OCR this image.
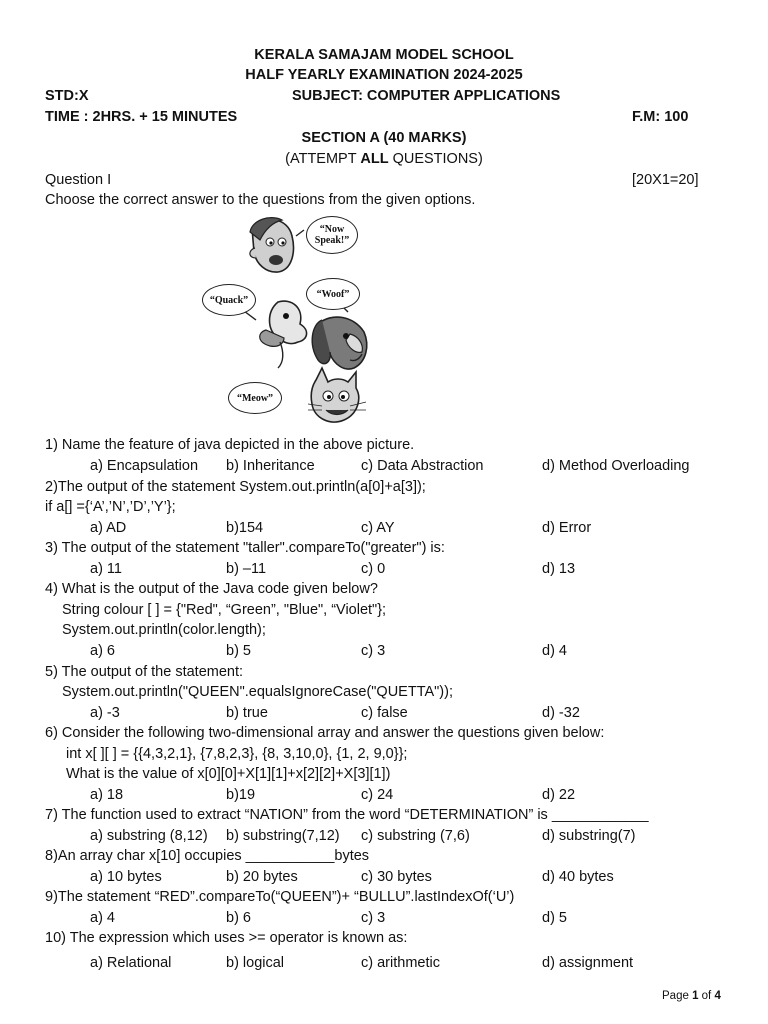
KERALA SAMAJAM MODEL SCHOOL
HALF YEARLY EXAMINATION 2024-2025
STD:X	SUBJECT: COMPUTER APPLICATIONS
TIME : 2HRS. + 15 MINUTES	F.M: 100
SECTION A (40 MARKS)
(ATTEMPT ALL QUESTIONS)
Question I	[20X1=20]
Choose the correct answer to the questions from the given options.
“Now Speak!”
“Quack”
“Woof”
“Meow”
1) Name the feature of java depicted in the above picture.
a) Encapsulation b) Inheritance	c) Data Abstraction	d) Method Overloading
2)The output of the statement System.out.println(a[0]+a[3]);
if a[] ={‘A’,’N’,’D’,’Y’};
a) AD	b)154	c) AY	d) Error
3) The output of the statement "taller".compareTo("greater") is:
a) 11	b) –11	c) 0	d) 13
4) What is the output of the Java code given below?
String colour [ ] = {"Red", “Green”, "Blue", “Violet"};
System.out.println(color.length);
a) 6	b) 5	c) 3	d) 4
5) The output of the statement:
System.out.println("QUEEN".equalsIgnoreCase("QUETTA"));
a) -3	b) true	c) false	d) -32
6) Consider the following two-dimensional array and answer the questions given below:
int x[ ][ ] = {{4,3,2,1}, {7,8,2,3}, {8, 3,10,0}, {1, 2, 9,0}};
What is the value of x[0][0]+X[1][1]+x[2][2]+X[3][1])
a) 18	b)19	c) 24	d) 22
7) The function used to extract “NATION” from the word “DETERMINATION” is ____________
a) substring (8,12) b) substring(7,12) c) substring (7,6)	d) substring(7)
8)An array char x[10] occupies ___________bytes
a) 10 bytes	b) 20 bytes	c) 30 bytes	d) 40 bytes
9)The statement “RED”.compareTo(“QUEEN”)+ “BULLU”.lastIndexOf(‘U’)
a) 4	b) 6	c) 3	d) 5
10) The expression which uses >= operator is known as:
a) Relational	b) logical	c) arithmetic	d) assignment
Page 1 of 4
